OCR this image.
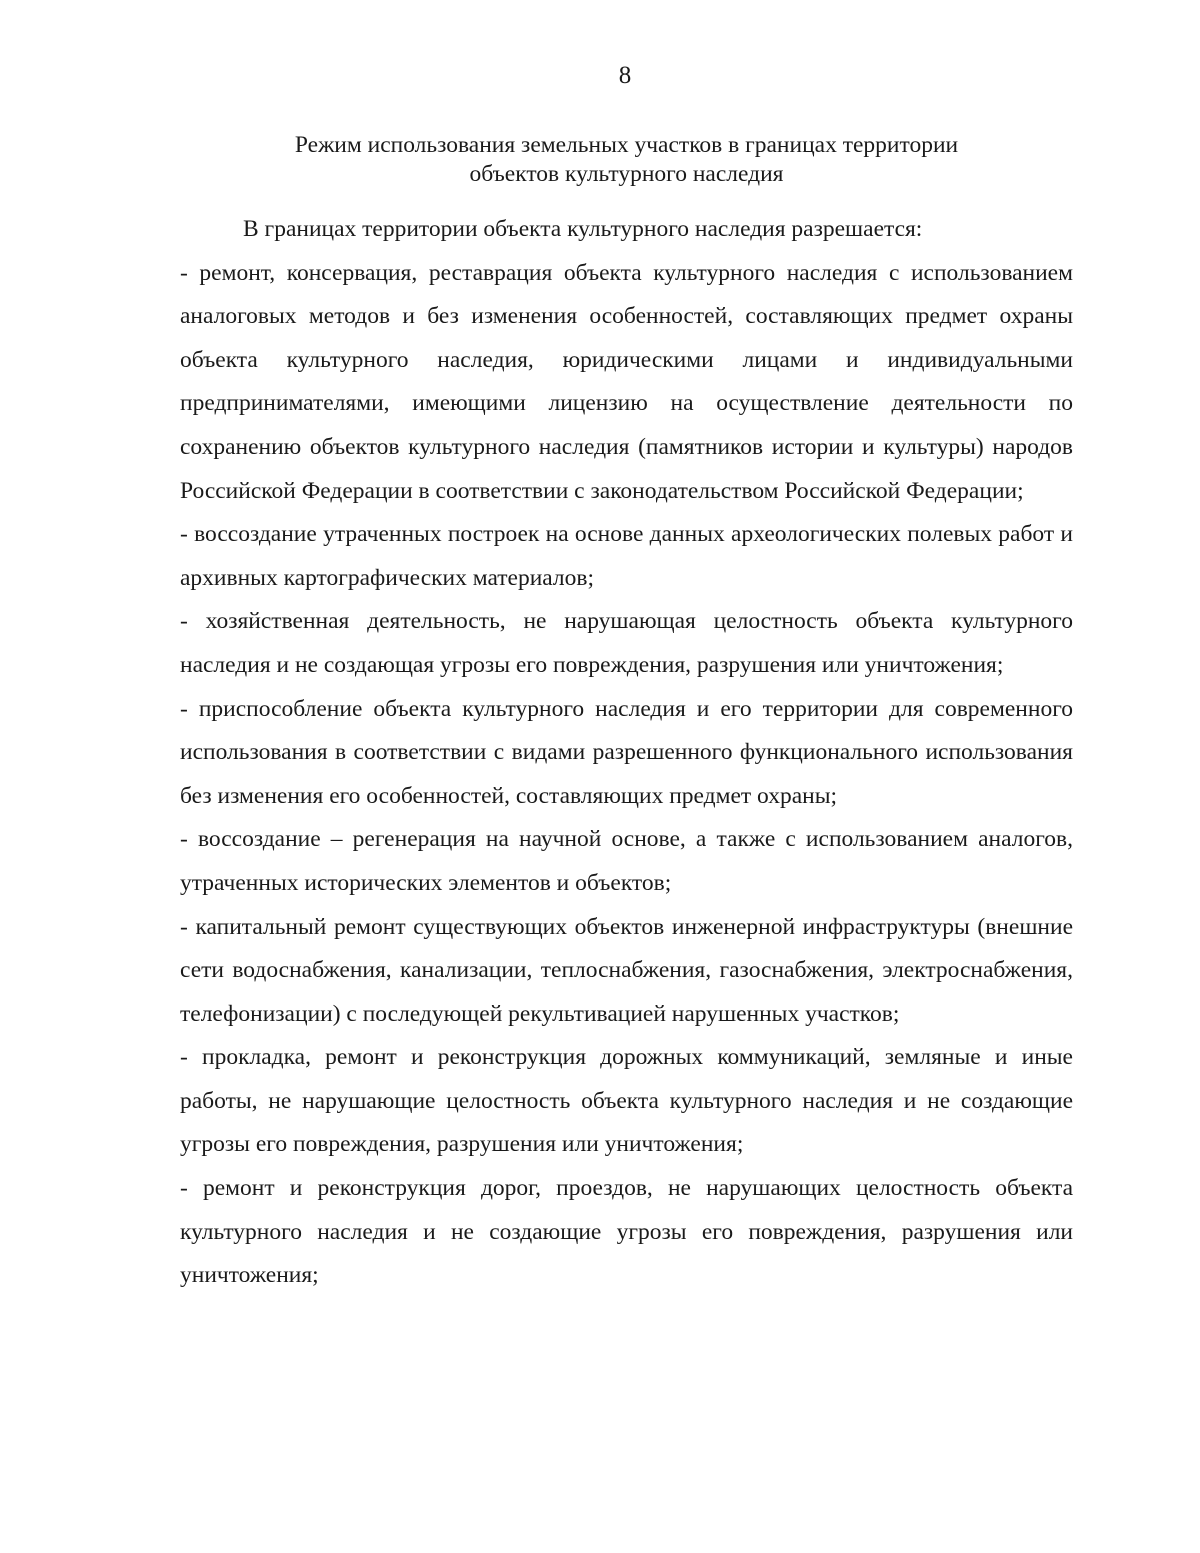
8
Режим использования земельных участков в границах территории
объектов культурного наследия

В границах территории объекта культурного наследия разрешается:

- ремонт, консервация, реставрация объекта культурного наследия с использованием аналоговых методов и без изменения особенностей, составляющих предмет охраны объекта культурного наследия, юридическими лицами и индивидуальными предпринимателями, имеющими лицензию на осуществление деятельности по сохранению объектов культурного наследия (памятников истории и культуры) народов Российской Федерации в соответствии с законодательством Российской Федерации;

- воссоздание утраченных построек на основе данных археологических полевых работ и архивных картографических материалов;

- хозяйственная деятельность, не нарушающая целостность объекта культурного наследия и не создающая угрозы его повреждения, разрушения или уничтожения;

- приспособление объекта культурного наследия и его территории для современного использования в соответствии с видами разрешенного функционального использования без изменения его особенностей, составляющих предмет охраны;

- воссоздание – регенерация на научной основе, а также с использованием аналогов, утраченных исторических элементов и объектов;

- капитальный ремонт существующих объектов инженерной инфраструктуры (внешние сети водоснабжения, канализации, теплоснабжения, газоснабжения, электроснабжения, телефонизации) с последующей рекультивацией нарушенных участков;

- прокладка, ремонт и реконструкция дорожных коммуникаций, земляные и иные работы, не нарушающие целостность объекта культурного наследия и не создающие угрозы его повреждения, разрушения или уничтожения;

- ремонт и реконструкция дорог, проездов, не нарушающих целостность объекта культурного наследия и не создающие угрозы его повреждения, разрушения или уничтожения;
